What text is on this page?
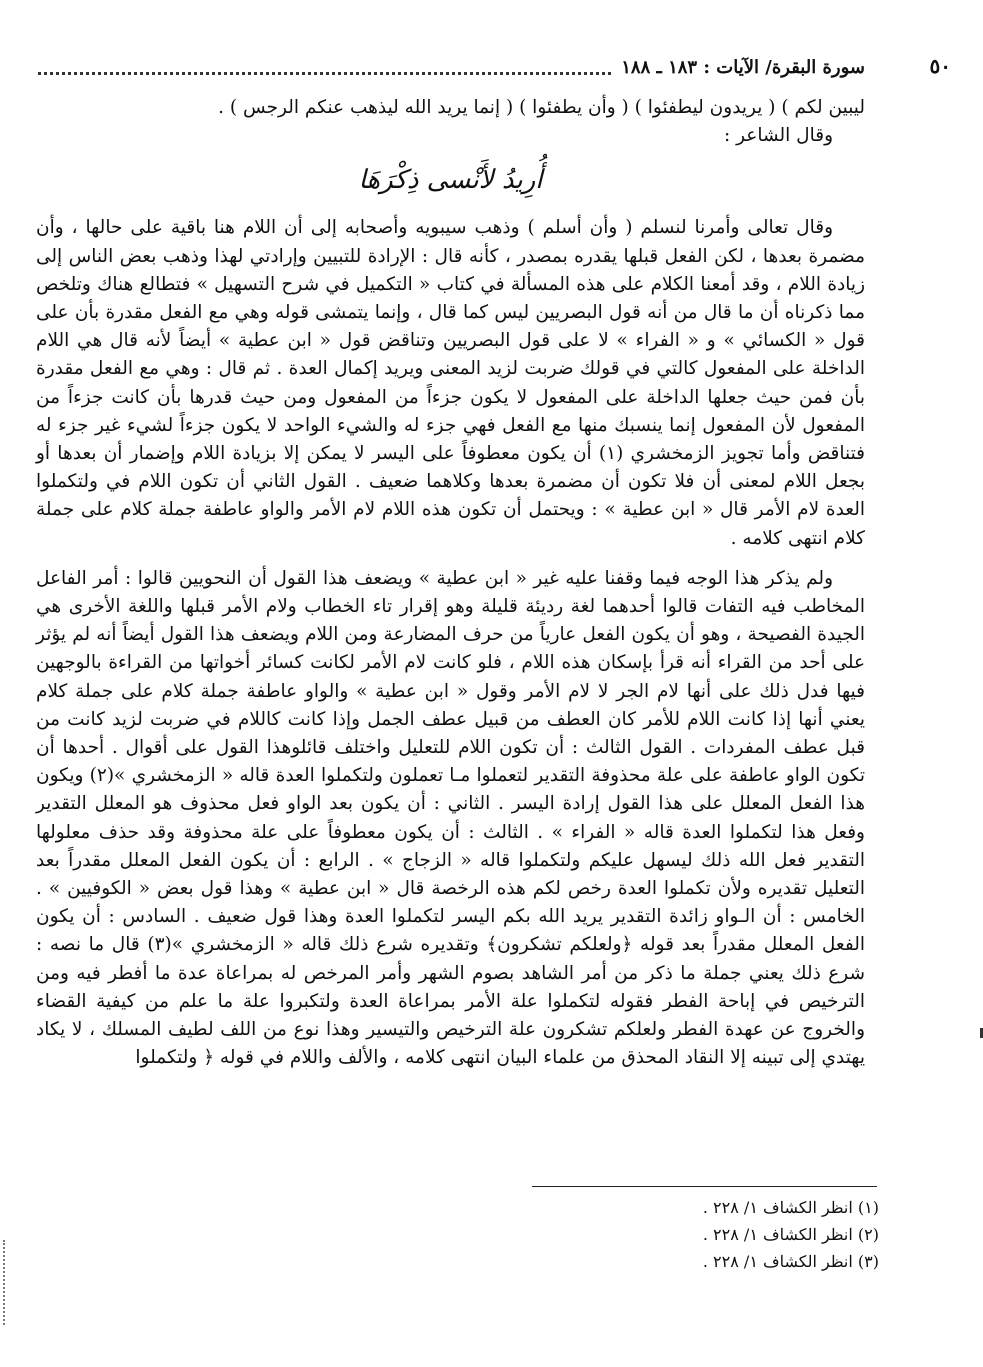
٥٠
سورة البقرة/ الآيات : ١٨٣ ـ ١٨٨

ليبين لكم ) ( يريدون ليطفئوا ) ( وأن يطفئوا ) ( إنما يريد الله ليذهب عنكم الرجس ) .

وقال الشاعر :

أُرِيدُ لأَنْسى ذِكْرَهَا

وقال تعالى وأمرنا لنسلم ( وأن أسلم ) وذهب سيبويه وأصحابه إلى أن اللام هنا باقية على حالها ، وأن مضمرة بعدها ، لكن الفعل قبلها يقدره بمصدر ، كأنه قال : الإرادة للتبيين وإرادتي لهذا وذهب بعض الناس إلى زيادة اللام ، وقد أمعنا الكلام على هذه المسألة في كتاب « التكميل في شرح التسهيل » فتطالع هناك وتلخص مما ذكرناه أن ما قال من أنه قول البصريين ليس كما قال ، وإنما يتمشى قوله وهي مع الفعل مقدرة بأن على قول « الكسائي » و « الفراء » لا على قول البصريين وتناقض قول « ابن عطية » أيضاً لأنه قال هي اللام الداخلة على المفعول كالتي في قولك ضربت لزيد المعنى ويريد إكمال العدة . ثم قال : وهي مع الفعل مقدرة بأن فمن حيث جعلها الداخلة على المفعول لا يكون جزءاً من المفعول ومن حيث قدرها بأن كانت جزءاً من المفعول لأن المفعول إنما ينسبك منها مع الفعل فهي جزء له والشيء الواحد لا يكون جزءاً لشيء غير جزء له فتناقض وأما تجويز الزمخشري (١) أن يكون معطوفاً على اليسر لا يمكن إلا بزيادة اللام وإضمار أن بعدها أو بجعل اللام لمعنى أن فلا تكون أن مضمرة بعدها وكلاهما ضعيف . القول الثاني أن تكون اللام في ولتكملوا العدة لام الأمر قال « ابن عطية » : ويحتمل أن تكون هذه اللام لام الأمر والواو عاطفة جملة كلام على جملة كلام انتهى كلامه .

ولم يذكر هذا الوجه فيما وقفنا عليه غير « ابن عطية » ويضعف هذا القول أن النحويين قالوا : أمر الفاعل المخاطب فيه التفات قالوا أحدهما لغة رديئة قليلة وهو إقرار تاء الخطاب ولام الأمر قبلها واللغة الأخرى هي الجيدة الفصيحة ، وهو أن يكون الفعل عارياً من حرف المضارعة ومن اللام ويضعف هذا القول أيضاً أنه لم يؤثر على أحد من القراء أنه قرأ بإسكان هذه اللام ، فلو كانت لام الأمر لكانت كسائر أخواتها من القراءة بالوجهين فيها فدل ذلك على أنها لام الجر لا لام الأمر وقول « ابن عطية » والواو عاطفة جملة كلام على جملة كلام يعني أنها إذا كانت اللام للأمر كان العطف من قبيل عطف الجمل وإذا كانت كاللام في ضربت لزيد كانت من قبل عطف المفردات . القول الثالث : أن تكون اللام للتعليل واختلف قائلوهذا القول على أقوال . أحدها أن تكون الواو عاطفة على علة محذوفة التقدير لتعملوا مـا تعملون ولتكملوا العدة قاله « الزمخشري »(٢) ويكون هذا الفعل المعلل على هذا القول إرادة اليسر . الثاني : أن يكون بعد الواو فعل محذوف هو المعلل التقدير وفعل هذا لتكملوا العدة قاله « الفراء » . الثالث : أن يكون معطوفاً على علة محذوفة وقد حذف معلولها التقدير فعل الله ذلك ليسهل عليكم ولتكملوا قاله « الزجاج » . الرابع : أن يكون الفعل المعلل مقدراً بعد التعليل تقديره ولأن تكملوا العدة رخص لكم هذه الرخصة قال « ابن عطية » وهذا قول بعض « الكوفيين » . الخامس : أن الـواو زائدة التقدير يريد الله بكم اليسر لتكملوا العدة وهذا قول ضعيف . السادس : أن يكون الفعل المعلل مقدراً بعد قوله ﴿ولعلكم تشكرون﴾ وتقديره شرع ذلك قاله « الزمخشري »(٣) قال ما نصه : شرع ذلك يعني جملة ما ذكر من أمر الشاهد بصوم الشهر وأمر المرخص له بمراعاة عدة ما أفطر فيه ومن الترخيص في إباحة الفطر فقوله لتكملوا علة الأمر بمراعاة العدة ولتكبروا علة ما علم من كيفية القضاء والخروج عن عهدة الفطر ولعلكم تشكرون علة الترخيص والتيسير وهذا نوع من اللف لطيف المسلك ، لا يكاد يهتدي إلى تبينه إلا النقاد المحذق من علماء البيان انتهى كلامه ، والألف واللام في قوله ﴿ ولتكملوا

(١) انظر الكشاف ١/ ٢٢٨ .
(٢) انظر الكشاف ١/ ٢٢٨ .
(٣) انظر الكشاف ١/ ٢٢٨ .
